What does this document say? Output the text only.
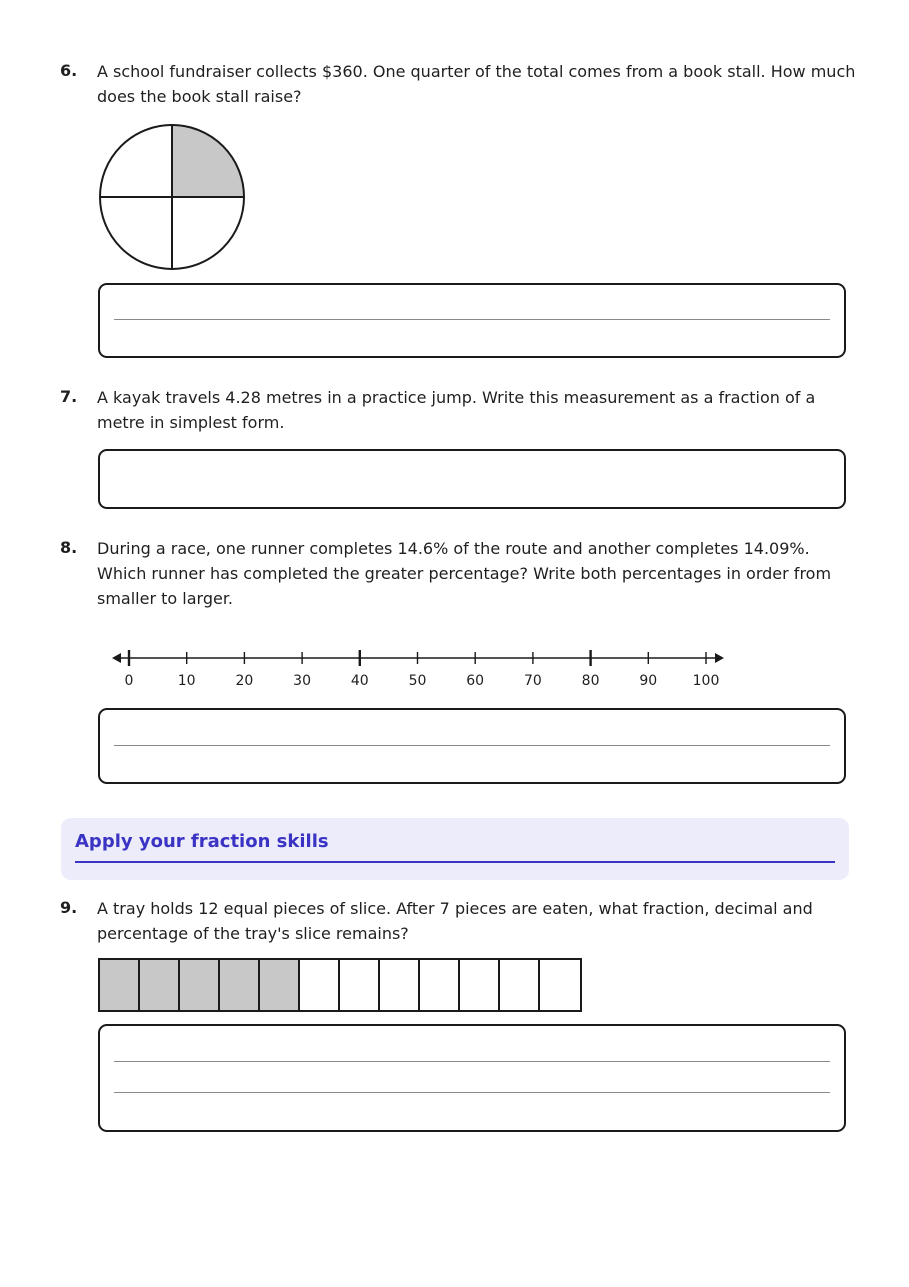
6. A school fundraiser collects $360. One quarter of the total comes from a book stall. How much does the book stall raise?
7. A kayak travels 4.28 metres in a practice jump. Write this measurement as a fraction of a metre in simplest form.
8. During a race, one runner completes 14.6% of the route and another completes 14.09%. Which runner has completed the greater percentage? Write both percentages in order from smaller to larger.
0	10	20	30	40	50	60	70	80	90	100
Apply your fraction skills
9. A tray holds 12 equal pieces of slice. After 7 pieces are eaten, what fraction, decimal and percentage of the tray's slice remains?
